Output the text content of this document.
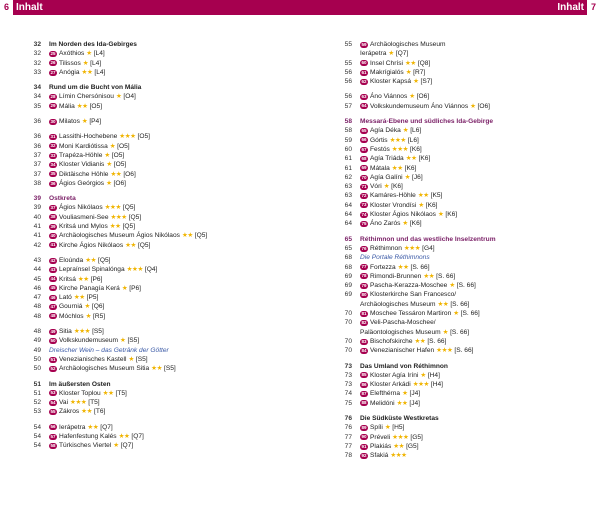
6 Inhalt	Inhalt 7
32 Im Norden des Ida-Gebirges
32	25 Axóthios ★ [L4]
32	26 Tilissos ★ [L4]
33	27 Anógia ★★ [L4]
34 Rund um die Bucht von Mália
34	28 Límin Chersónisou ★ [O4]
35	29 Mália ★★ [O5]
36	30 Milatos ★ [P4]
36	31 Lassithi-Hochebene ★★★ [O5]
36	32 Moni Kardiótissa ★ [O5]
37	33 Trapéza-Höhle ★ [O5]
37	34 Kloster Vidianis ★ [O5]
37	35 Diktäische Höhle ★★ [O6]
38	36 Ágios Geórgios ★ [O6]
39 Ostkreta
39	37 Ágios Nikólaos ★★★ [Q5]
40	38 Vouliasmeni-See ★★★ [Q5]
41	39 Kritsá und Mylos ★★ [Q5]
41	40 Archäologisches Museum Ágios Nikólaos ★★ [Q5]
42	41 Kirche Ágios Nikólaos ★★ [Q5]
43	42 Eloúnda ★★ [Q5]
44	43 Lepraínsel Spinalónga ★★★ [Q4]
45	44 Kritsá ★★ [P6]
46	45 Kirche Panagía Kerá ★ [P6]
47	46 Lató ★★ [P5]
48	47 Gourniá ★ [Q6]
48	48 Móchlos ★ [R5]
48	49 Sitia ★★★ [S5]
49	50 Volkskundemuseum ★ [S5]
49 Dreischer Wein – das Getränk der Götter
50	51 Venezianisches Kastell ★ [S5]
50	52 Archäologisches Museum Sitia ★★ [S5]
51 Im äußersten Osten
51	53 Kloster Toplou ★★ [T5]
52	54 Vai ★★★ [T5]
53	55 Zákros ★★ [T6]
54	56 Ierápetra ★★ [Q7]
54	57 Hafenfestung Kalés ★★ [Q7]
54	58 Türkisches Viertel ★ [Q7]
55	59 Archäologisches Museum
Ierápetra ★ [Q7]
55	60 Insel Chrísi ★★ [Q8]
56	61 Makrígialós ★ [R7]
56	62 Kloster Kapsá ★ [S7]
56	63 Áno Viánnos ★ [O6]
57	64 Volkskundemuseum Áno Viánnos ★ [O6]
58 Messará-Ebene und südliches Ida-Gebirge
58	65 Agía Déka ★ [L6]
59	66 Górtis ★★★ [L6]
60	67 Festós ★★★ [K6]
61	68 Agía Triáda ★★ [K6]
61	69 Mátala ★★ [K6]
62	70 Agía Galíni ★ [J6]
63	71 Vóri ★ [K6]
63	72 Kamáres-Höhle ★★ [K5]
64	73 Kloster Vrondísi ★ [K6]
64	74 Kloster Ágios Nikólaos ★ [K6]
64	75 Áno Zarós ★ [K6]
65 Réthimnon und das westliche Inselzentrum
65	76 Réthimnon ★★★ [G4]
68 Die Portale Réthimnons
68	77 Fortezza ★★ [S. 66]
69	78 Rimondi-Brunnen ★★ [S. 66]
69	79 Pascha-Kerazza-Moschee ★ [S. 66]
69	80 Klosterkirche San Francesco/
Archäologisches Museum ★★ [S. 66]
70	81 Moschee Tessáron Martiron ★ [S. 66]
70	82 Veli-Pascha-Moschee/
Paläontologisches Museum ★ [S. 66]
70	83 Bischofskirche ★★ [S. 66]
70	84 Venezianischer Hafen ★★★ [S. 66]
73 Das Umland von Réthimnon
73	85 Kloster Agía Iríni ★ [H4]
73	86 Kloster Arkádi ★★★ [H4]
74	87 Elefthérna ★ [J4]
75	88 Melidóni ★★ [J4]
76 Die Südküste Westkretas
76	89 Spíli ★ [H5]
77	90 Préveli ★★★ [G5]
77	91 Plakiás ★★ [G5]
78	92 Sfakiá ★★★
